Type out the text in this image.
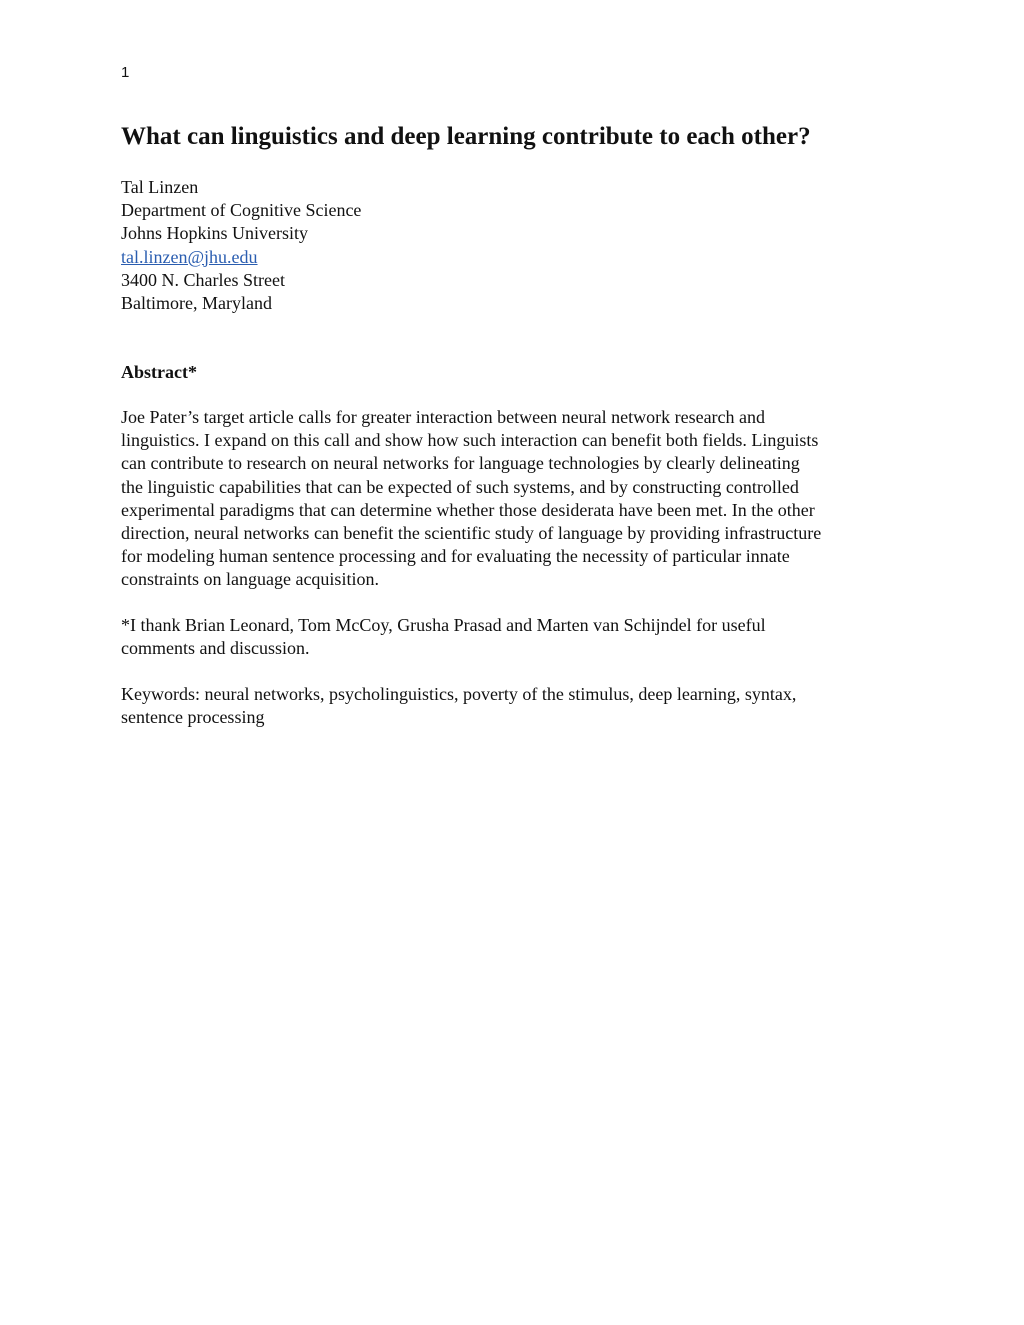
1
What can linguistics and deep learning contribute to each other?
Tal Linzen
Department of Cognitive Science
Johns Hopkins University
tal.linzen@jhu.edu
3400 N. Charles Street
Baltimore, Maryland
Abstract*
Joe Pater’s target article calls for greater interaction between neural network research and
linguistics. I expand on this call and show how such interaction can benefit both fields. Linguists
can contribute to research on neural networks for language technologies by clearly delineating
the linguistic capabilities that can be expected of such systems, and by constructing controlled
experimental paradigms that can determine whether those desiderata have been met. In the other
direction, neural networks can benefit the scientific study of language by providing infrastructure
for modeling human sentence processing and for evaluating the necessity of particular innate
constraints on language acquisition.
*I thank Brian Leonard, Tom McCoy, Grusha Prasad and Marten van Schijndel for useful
comments and discussion.
Keywords: neural networks, psycholinguistics, poverty of the stimulus, deep learning, syntax,
sentence processing
